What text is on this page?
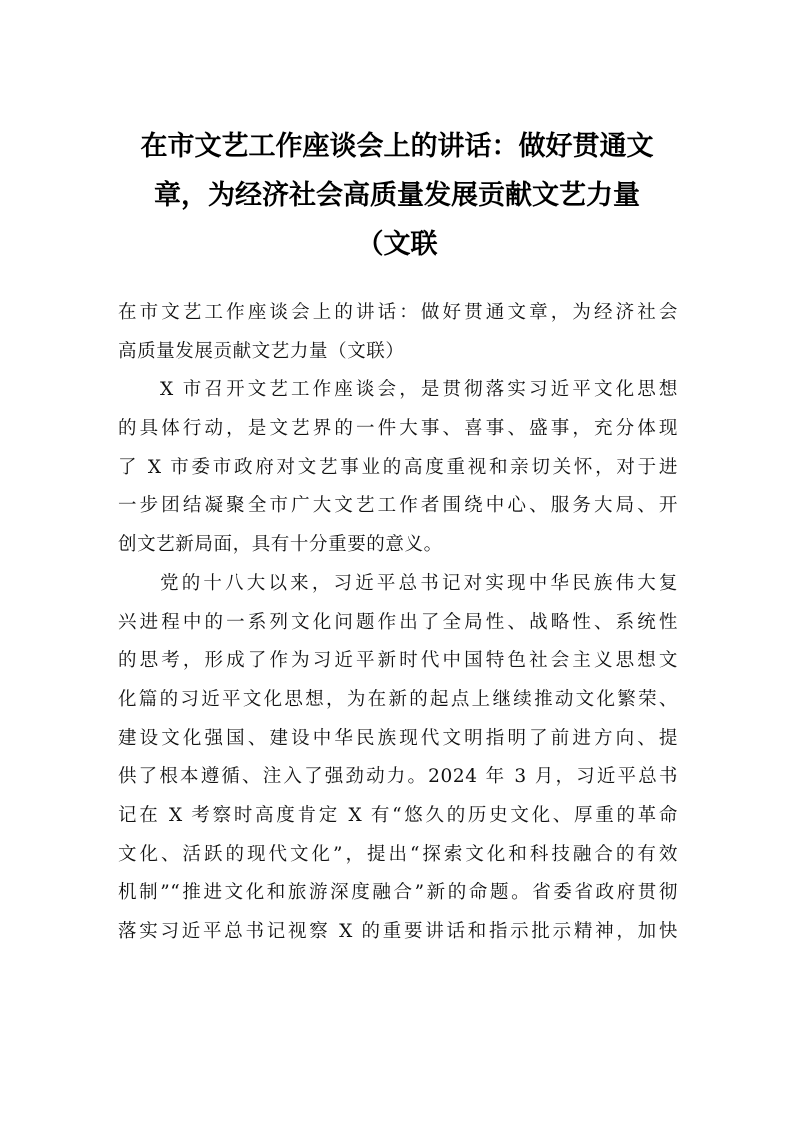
在市文艺工作座谈会上的讲话：做好贯通文
章，为经济社会高质量发展贡献文艺力量
（文联
在市文艺工作座谈会上的讲话：做好贯通文章，为经济社会
高质量发展贡献文艺力量（文联）
X 市召开文艺工作座谈会，是贯彻落实习近平文化思想
的具体行动，是文艺界的一件大事、喜事、盛事，充分体现
了 X 市委市政府对文艺事业的高度重视和亲切关怀，对于进
一步团结凝聚全市广大文艺工作者围绕中心、服务大局、开
创文艺新局面，具有十分重要的意义。
党的十八大以来，习近平总书记对实现中华民族伟大复
兴进程中的一系列文化问题作出了全局性、战略性、系统性
的思考，形成了作为习近平新时代中国特色社会主义思想文
化篇的习近平文化思想，为在新的起点上继续推动文化繁荣、
建设文化强国、建设中华民族现代文明指明了前进方向、提
供了根本遵循、注入了强劲动力。2024 年 3 月，习近平总书
记在 X 考察时高度肯定 X 有“悠久的历史文化、厚重的革命
文化、活跃的现代文化”，提出“探索文化和科技融合的有效
机制”“推进文化和旅游深度融合”新的命题。省委省政府贯彻
落实习近平总书记视察 X 的重要讲话和指示批示精神，加快
